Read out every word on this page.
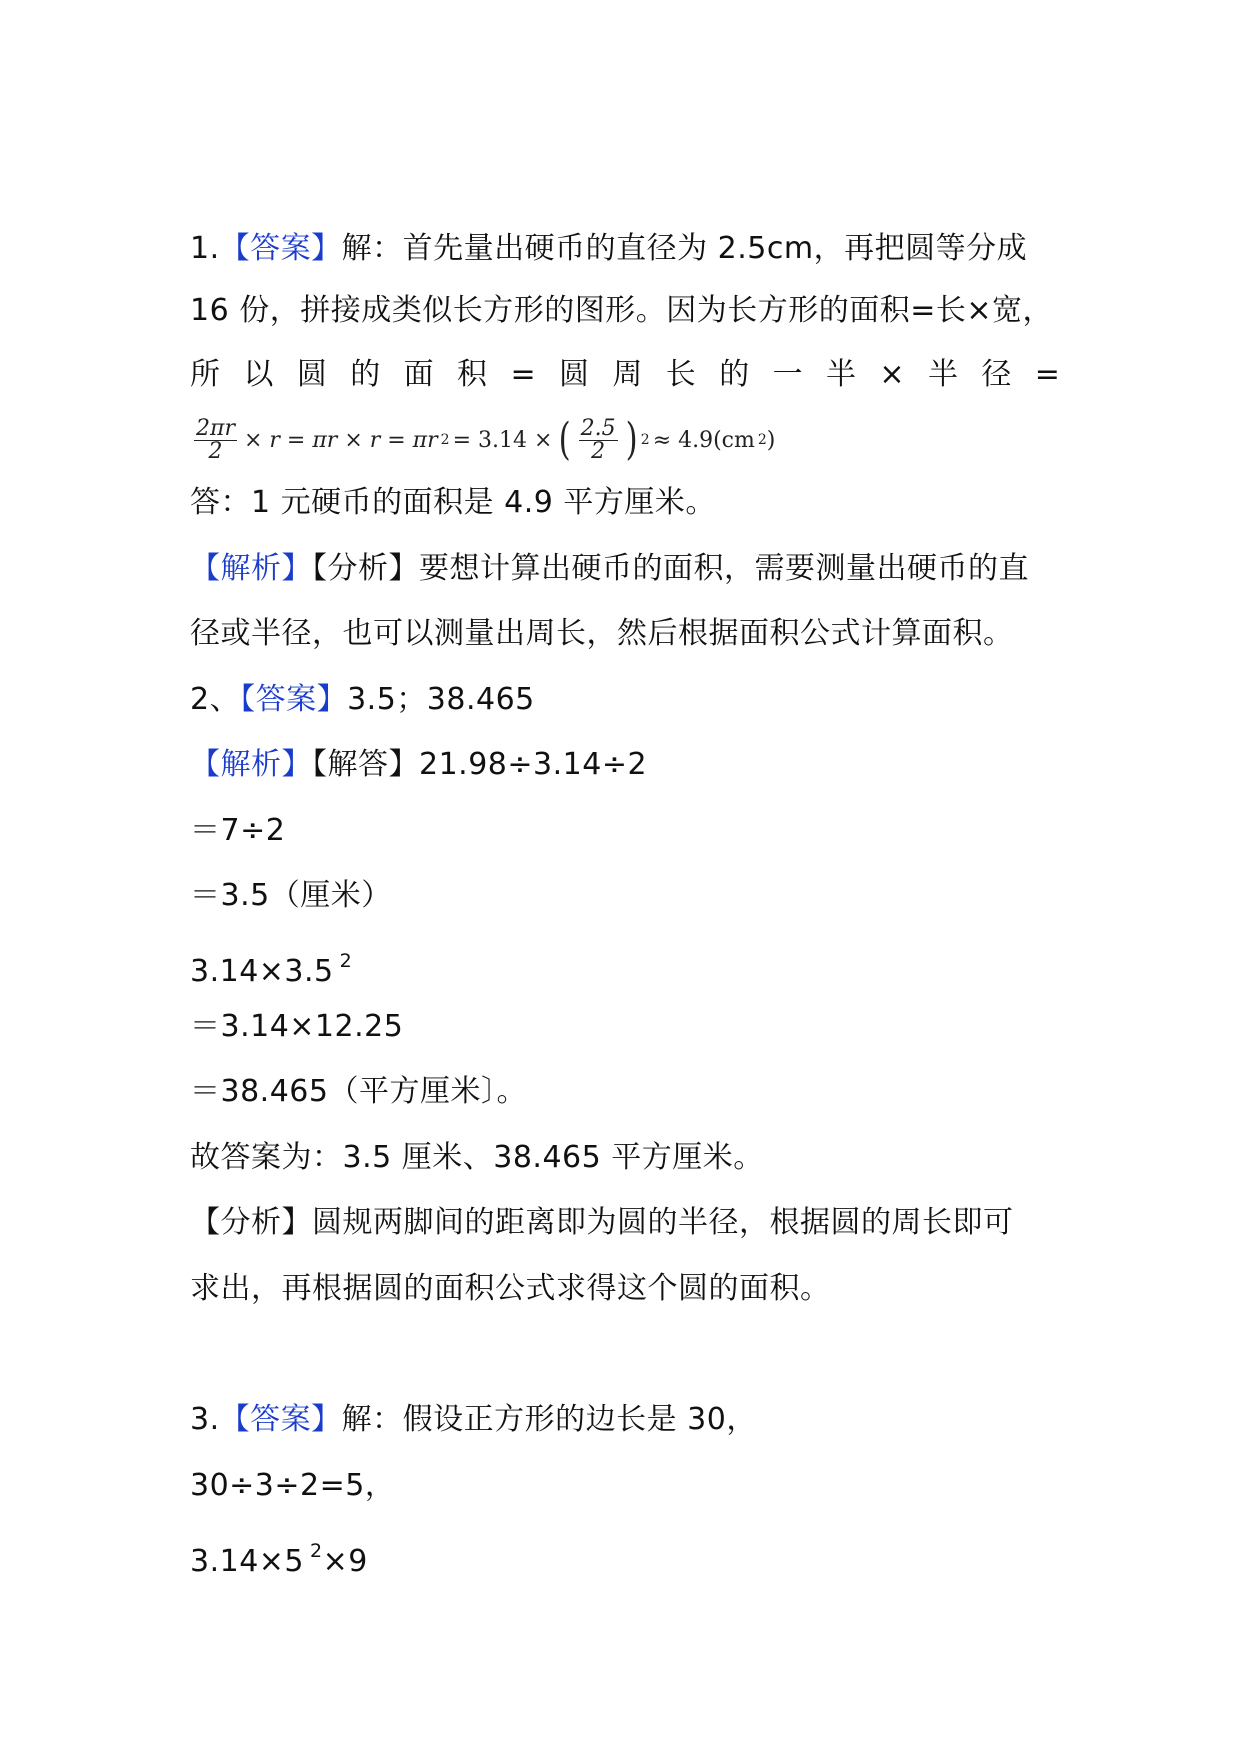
1.【答案】解：首先量出硬币的直径为 2.5cm，再把圆等分成
16 份，拼接成类似长方形的图形。因为长方形的面积=长×宽，
所 以 圆 的 面 积 = 圆 周 长 的 一 半 × 半 径 =
$\frac{2\pi r}{2} \times r = \pi r \times r = \pi r$ 2 = 3.14 × ( $\frac{2.5}{2}$ ) 2 ≈ 4.9(cm 2 )
答：1 元硬币的面积是 4.9 平方厘米。
【解析】【分析】要想计算出硬币的面积，需要测量出硬币的直
径或半径，也可以测量出周长，然后根据面积公式计算面积。
2、【答案】3.5；38.465
【解析】【解答】21.98÷3.14÷2
＝7÷2
＝3.5（厘米）
3.14×3.5 $^2$
＝3.14×12.25
＝38.465（平方厘米〕。
故答案为：3.5 厘米、38.465 平方厘米。
【分析】圆规两脚间的距离即为圆的半径，根据圆的周长即可
求出，再根据圆的面积公式求得这个圆的面积。
3.【答案】解：假设正方形的边长是 30，
30÷3÷2=5，
3.14×5 $^2$×9
